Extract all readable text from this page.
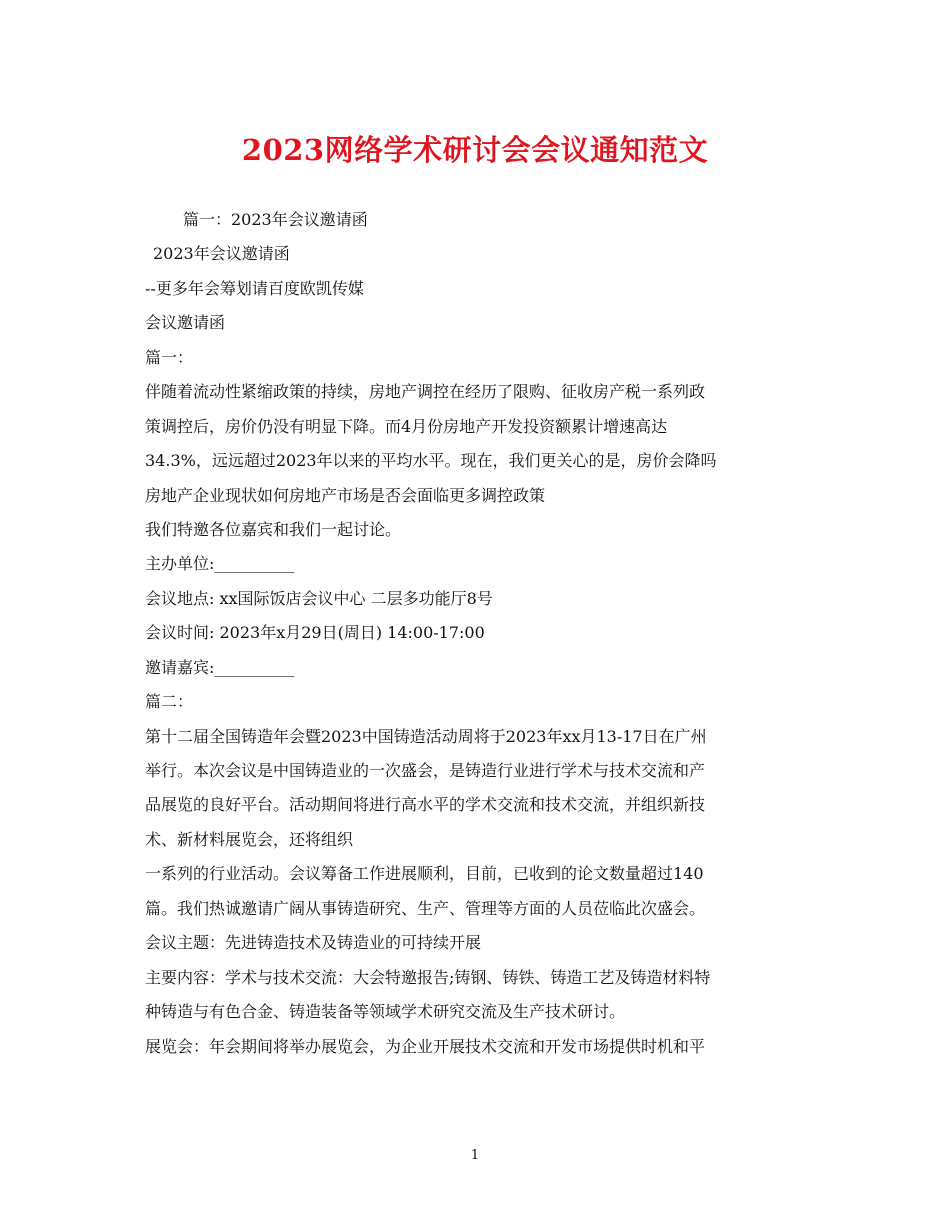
2023网络学术研讨会会议通知范文
篇一：2023年会议邀请函
2023年会议邀请函
--更多年会筹划请百度欧凯传媒
会议邀请函
篇一：
伴随着流动性紧缩政策的持续，房地产调控在经历了限购、征收房产税一系列政
策调控后，房价仍没有明显下降。而4月份房地产开发投资额累计增速高达
34.3%，远远超过2023年以来的平均水平。现在，我们更关心的是，房价会降吗
房地产企业现状如何房地产市场是否会面临更多调控政策
我们特邀各位嘉宾和我们一起讨论。
主办单位:__________
会议地点: xx国际饭店会议中心 二层多功能厅8号
会议时间: 2023年x月29日(周日) 14:00-17:00
邀请嘉宾:__________
篇二：
第十二届全国铸造年会暨2023中国铸造活动周将于2023年xx月13-17日在广州
举行。本次会议是中国铸造业的一次盛会，是铸造行业进行学术与技术交流和产
品展览的良好平台。活动期间将进行高水平的学术交流和技术交流，并组织新技
术、新材料展览会，还将组织
一系列的行业活动。会议筹备工作进展顺利，目前，已收到的论文数量超过140
篇。我们热诚邀请广阔从事铸造研究、生产、管理等方面的人员莅临此次盛会。
会议主题：先进铸造技术及铸造业的可持续开展
主要内容：学术与技术交流：大会特邀报告;铸钢、铸铁、铸造工艺及铸造材料特
种铸造与有色合金、铸造装备等领域学术研究交流及生产技术研讨。
展览会：年会期间将举办展览会，为企业开展技术交流和开发市场提供时机和平
1
